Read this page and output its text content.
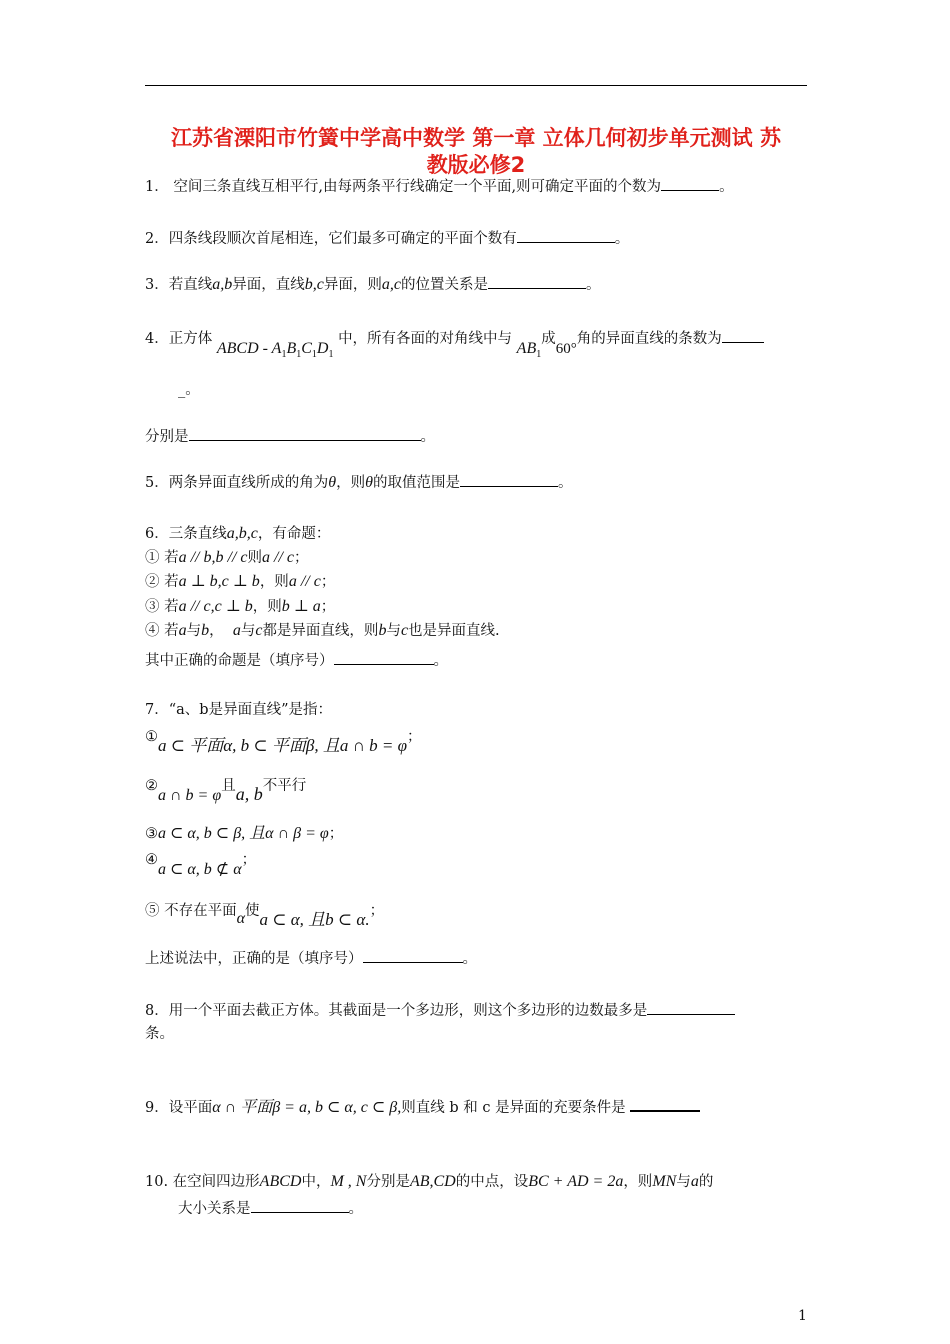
江苏省溧阳市竹簧中学高中数学 第一章 立体几何初步单元测试 苏
教版必修2
1． 空间三条直线互相平行,由每两条平行线确定一个平面,则可确定平面的个数为	。
2．四条线段顺次首尾相连，它们最多可确定的平面个数有	。
3．若直线a,b异面，直线b,c异面，则a,c的位置关系是	。
4．正方体 ABCD - $A_1B_1C_1D_1$ 中，所有各面的对角线中与 $AB_1$成60°角的异面直线的条数为
_。
分别是	。
5．两条异面直线所成的角为θ，则θ的取值范围是	。
6．三条直线a,b,c，有命题：
① 若a // b,b // c则a // c；
② 若a ⊥ b,c ⊥ b，则a // c；
③ 若a // c,c ⊥ b，则b ⊥ a；
④ 若a与b， a与c都是异面直线，则b与c也是异面直线.
其中正确的命题是（填序号）	。
7．“a、b是异面直线”是指：
①a ⊂ 平面α, b ⊂ 平面β, 且a ∩ b = φ；
②a ∩ b = φ且a, b不平行
③a ⊂ α, b ⊂ β, 且α ∩ β = φ；
④a ⊂ α, b ⊄ α；
⑤ 不存在平面α使a ⊂ α, 且b ⊂ α.；
上述说法中，正确的是（填序号）	。
8．用一个平面去截正方体。其截面是一个多边形，则这个多边形的边数最多是
条。
9．设平面α ∩ 平面β = a, b ⊂ α, c ⊂ β,则直线 b 和 c 是异面的充要条件是
10. 在空间四边形ABCD中，M , N分别是AB,CD的中点，设BC + AD = 2a，则MN与a的
大小关系是	。
1
